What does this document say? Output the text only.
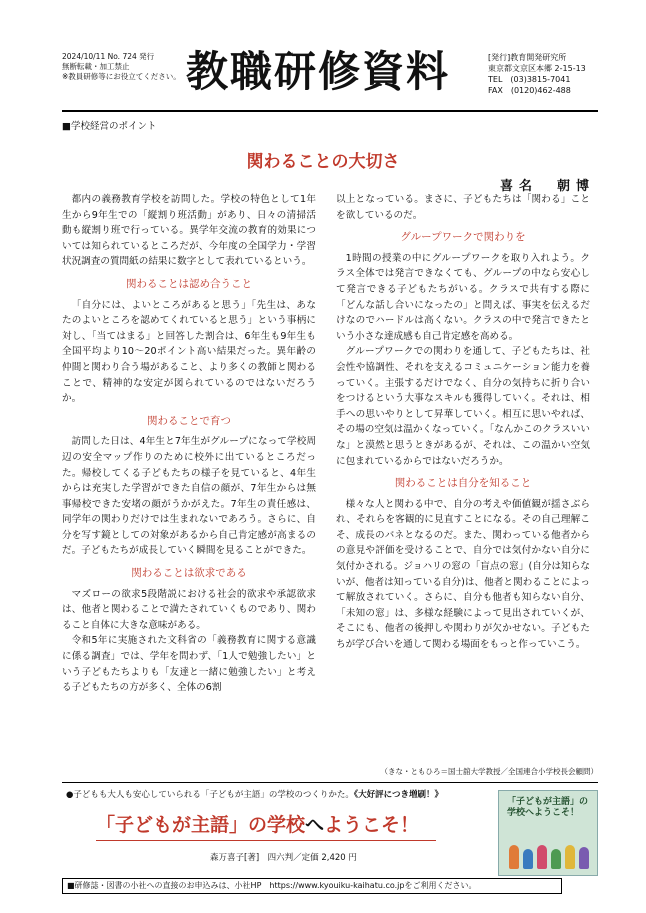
2024/10/11 No. 724 発行
無断転載・加工禁止
※教員研修等にお役立てください。 教職研修資料	[発行]教育開発研究所
東京都文京区本郷 2-15-13
TEL　(03)3815-7041
FAX　(0120)462-488
■学校経営のポイント
関わることの大切さ
喜名　朝博

都内の義務教育学校を訪問した。学校の特色として1年生から9年生での「縦割り班活動」があり、日々の清掃活動も縦割り班で行っている。異学年交流の教育的効果については知られているところだが、今年度の全国学力・学習状況調査の質問紙の結果に数字として表れているという。

関わることは認め合うこと

「自分には、よいところがあると思う」「先生は、あなたのよいところを認めてくれていると思う」という事柄に対し、「当てはまる」と回答した割合は、6年生も9年生も全国平均より10～20ポイント高い結果だった。異年齢の仲間と関わり合う場があること、より多くの教師と関わることで、精神的な安定が図られているのではないだろうか。

関わることで育つ

訪問した日は、4年生と7年生がグループになって学校周辺の安全マップ作りのために校外に出ているところだった。帰校してくる子どもたちの様子を見ていると、4年生からは充実した学習ができた自信の顔が、7年生からは無事帰校できた安堵の顔がうかがえた。7年生の責任感は、同学年の関わりだけでは生まれないであろう。さらに、自分を写す鏡としての対象があるから自己肯定感が高まるのだ。子どもたちが成長していく瞬間を見ることができた。

関わることは欲求である

マズローの欲求5段階説における社会的欲求や承認欲求は、他者と関わることで満たされていくものであり、関わること自体に大きな意味がある。

令和5年に実施された文科省の「義務教育に関する意識に係る調査」では、学年を問わず、「1人で勉強したい」という子どもたちよりも「友達と一緒に勉強したい」と考える子どもたちの方が多く、全体の6割

以上となっている。まさに、子どもたちは「関わる」ことを欲しているのだ。

グループワークで関わりを

1時間の授業の中にグループワークを取り入れよう。クラス全体では発言できなくても、グループの中なら安心して発言できる子どもたちがいる。クラスで共有する際に「どんな話し合いになったの」と問えば、事実を伝えるだけなのでハードルは高くない。クラスの中で発言できたという小さな達成感も自己肯定感を高める。

グループワークでの関わりを通して、子どもたちは、社会性や協調性、それを支えるコミュニケーション能力を養っていく。主張するだけでなく、自分の気持ちに折り合いをつけるという大事なスキルも獲得していく。それは、相手への思いやりとして昇華していく。相互に思いやれば、その場の空気は温かくなっていく。「なんかこのクラスいいな」と漠然と思うときがあるが、それは、この温かい空気に包まれているからではないだろうか。

関わることは自分を知ること

様々な人と関わる中で、自分の考えや価値観が揺さぶられ、それらを客観的に見直すことになる。その自己理解こそ、成長のバネとなるのだ。また、関わっている他者からの意見や評価を受けることで、自分では気付かない自分に気付かされる。ジョハリの窓の「盲点の窓」(自分は知らないが、他者は知っている自分)は、他者と関わることによって解放されていく。さらに、自分も他者も知らない自分、「未知の窓」は、多様な経験によって見出されていくが、そこにも、他者の後押しや関わりが欠かせない。子どもたちが学び合いを通して関わる場面をもっと作っていこう。

（きな・ともひろ＝国士舘大学教授／全国連合小学校長会顧問）
●子どもも大人も安心していられる「子どもが主語」の学校のつくりかた。《大好評につき増刷！》
「子どもが主語」の学校へようこそ！
森万喜子[著]　四六判／定価 2,420 円
「子どもが主語」の学校へようこそ！
■研修誌・図書の小社への直接のお申込みは、小社HP　https://www.kyouiku-kaihatu.co.jpをご利用ください。
